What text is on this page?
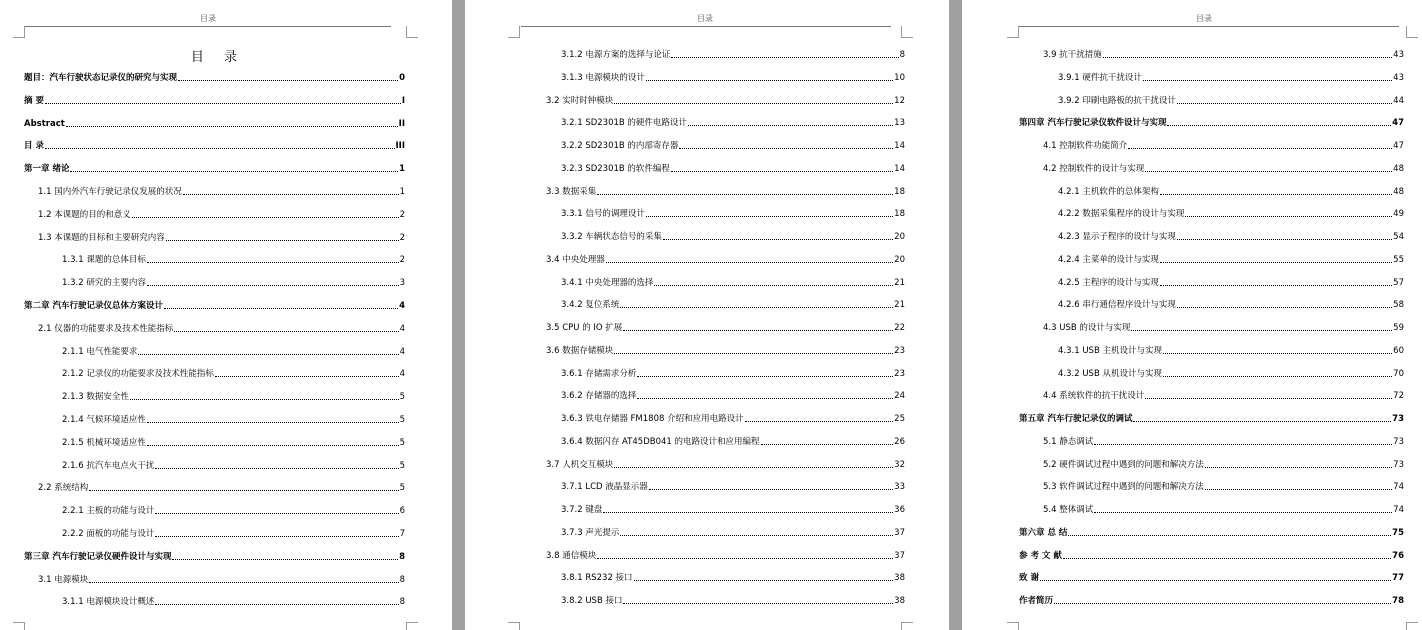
目录
目 录
题目：汽车行驶状态记录仪的研究与实现	0
摘 要	I
Abstract	II
目 录	III
第一章 绪论	1
1.1 国内外汽车行驶记录仪发展的状况	1
1.2 本课题的目的和意义	2
1.3 本课题的目标和主要研究内容	2
1.3.1 课题的总体目标	2
1.3.2 研究的主要内容	3
第二章 汽车行驶记录仪总体方案设计	4
2.1 仪器的功能要求及技术性能指标	4
2.1.1 电气性能要求	4
2.1.2 记录仪的功能要求及技术性能指标	4
2.1.3 数据安全性	5
2.1.4 气候环境适应性	5
2.1.5 机械环境适应性	5
2.1.6 抗汽车电点火干扰	5
2.2 系统结构	5
2.2.1 主板的功能与设计	6
2.2.2 面板的功能与设计	7
第三章 汽车行驶记录仪硬件设计与实现	8
3.1 电源模块	8
3.1.1 电源模块设计概述	8
目录
3.1.2 电源方案的选择与论证	8
3.1.3 电源模块的设计	10
3.2 实时时钟模块	12
3.2.1 SD2301B 的硬件电路设计	13
3.2.2 SD2301B 的内部寄存器	14
3.2.3 SD2301B 的软件编程	14
3.3 数据采集	18
3.3.1 信号的调理设计	18
3.3.2 车辆状态信号的采集	20
3.4 中央处理器	20
3.4.1 中央处理器的选择	21
3.4.2 复位系统	21
3.5 CPU 的 IO 扩展	22
3.6 数据存储模块	23
3.6.1 存储需求分析	23
3.6.2 存储器的选择	24
3.6.3 铁电存储器 FM1808 介绍和应用电路设计	25
3.6.4 数据闪存 AT45DB041 的电路设计和应用编程	26
3.7 人机交互模块	32
3.7.1 LCD 液晶显示器	33
3.7.2 键盘	36
3.7.3 声光提示	37
3.8 通信模块	37
3.8.1 RS232 接口	38
3.8.2 USB 接口	38
目录
3.9 抗干扰措施	43
3.9.1 硬件抗干扰设计	43
3.9.2 印刷电路板的抗干扰设计	44
第四章 汽车行驶记录仪软件设计与实现	47
4.1 控制软件功能简介	47
4.2 控制软件的设计与实现	48
4.2.1 主机软件的总体架构	48
4.2.2 数据采集程序的设计与实现	49
4.2.3 显示子程序的设计与实现	54
4.2.4 主菜单的设计与实现	55
4.2.5 主程序的设计与实现	57
4.2.6 串行通信程序设计与实现	58
4.3 USB 的设计与实现	59
4.3.1 USB 主机设计与实现	60
4.3.2 USB 从机设计与实现	70
4.4 系统软件的抗干扰设计	72
第五章 汽车行驶记录仪的调试	73
5.1 静态调试	73
5.2 硬件调试过程中遇到的问题和解决方法	73
5.3 软件调试过程中遇到的问题和解决方法	74
5.4 整体调试	74
第六章 总 结	75
参 考 文 献	76
致 谢	77
作者简历	78
